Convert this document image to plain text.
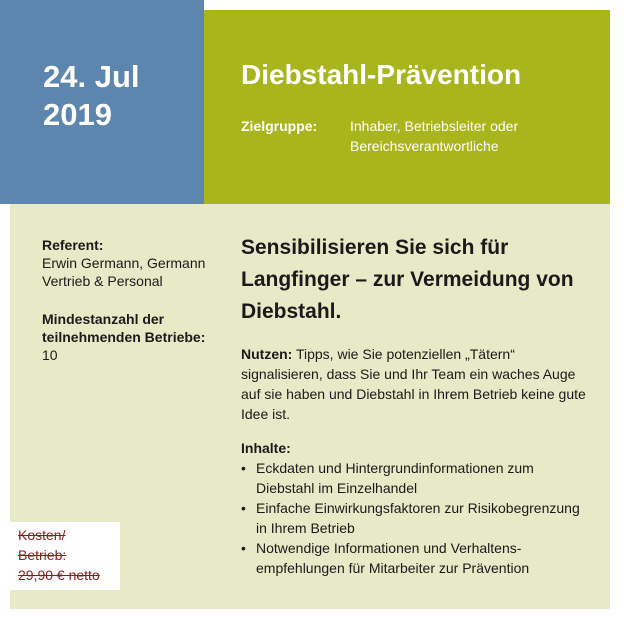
24. Jul
2019

Diebstahl-Prävention
Zielgruppe: Inhaber, Betriebsleiter oder Bereichsverantwortliche
Referent:
Erwin Germann, Germann Vertrieb & Personal
Mindestanzahl der teilnehmenden Betriebe: 10
Sensibilisieren Sie sich für Langfinger – zur Vermeidung von Diebstahl.

Nutzen: Tipps, wie Sie potenziellen „Tätern“ signalisieren, dass Sie und Ihr Team ein waches Auge auf sie haben und Diebstahl in Ihrem Betrieb keine gute Idee ist.

Inhalte:
• Eckdaten und Hintergrundinformationen zum Diebstahl im Einzelhandel
• Einfache Einwirkungsfaktoren zur Risikobegrenzung in Ihrem Betrieb
• Notwendige Informationen und Verhaltensempfehlungen für Mitarbeiter zur Prävention
Kosten/
Betrieb:
29,90 € netto
